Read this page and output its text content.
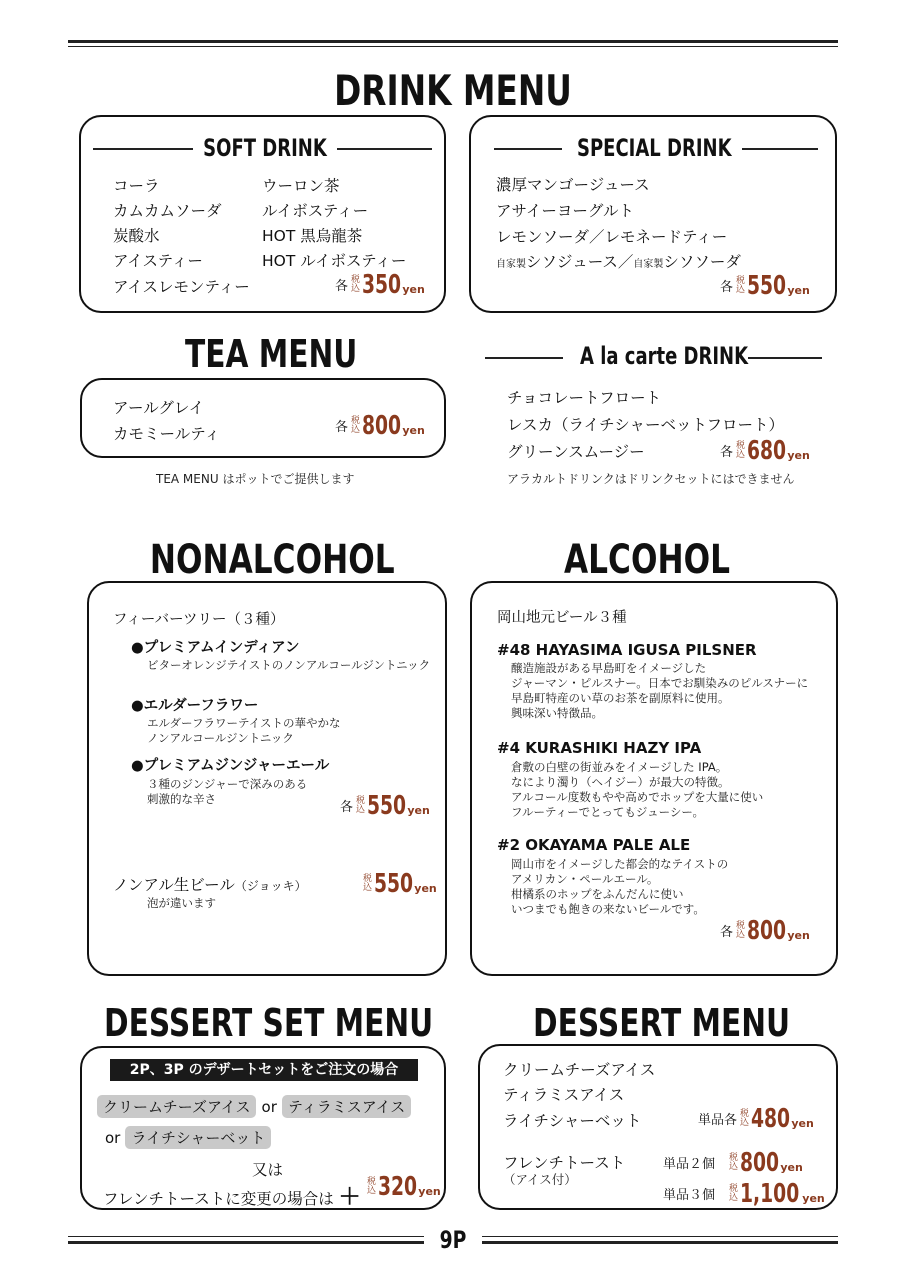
DRINK MENU
SOFT DRINK
コーラ
カムカムソーダ
炭酸水
アイスティー
アイスレモンティー
ウーロン茶
ルイボスティー
HOT 黒烏龍茶
HOT ルイボスティー
各 税
込 350 yen
SPECIAL DRINK
濃厚マンゴージュース
アサイーヨーグルト
レモンソーダ／レモネードティー
自家製シソジュース／自家製シソソーダ
各 税
込 550 yen
TEA MENU
アールグレイ
カモミールティ	各 税
込 800 yen
TEA MENU はポットでご提供します
A la carte DRINK
チョコレートフロート
レスカ（ライチシャーベットフロート）
グリーンスムージー	各 税
込 680 yen
アラカルトドリンクはドリンクセットにはできません
NONALCOHOL
フィーバーツリー（３種）
●プレミアムインディアン
ビターオレンジテイストのノンアルコールジントニック
●エルダーフラワー
エルダーフラワーテイストの華やかな
ノンアルコールジントニック
●プレミアムジンジャーエール
３種のジンジャーで深みのある
刺激的な辛さ
各 税
込 550 yen
ノンアル生ビール（ジョッキ）
泡が違います
税
込 550 yen
ALCOHOL
岡山地元ビール３種
#48 HAYASIMA IGUSA PILSNER
醸造施設がある早島町をイメージした
ジャーマン・ピルスナー。日本でお馴染みのピルスナーに
早島町特産のい草のお茶を副原料に使用。
興味深い特徴品。
#4 KURASHIKI HAZY IPA
倉敷の白壁の街並みをイメージした IPA。
なにより濁り（ヘイジー）が最大の特徴。
アルコール度数もやや高めでホップを大量に使い
フルーティーでとってもジューシー。
#2 OKAYAMA PALE ALE
岡山市をイメージした都会的なテイストの
アメリカン・ペールエール。
柑橘系のホップをふんだんに使い
いつまでも飽きの来ないビールです。
各 税
込 800 yen
DESSERT SET MENU
2P、3P のデザートセットをご注文の場合
クリームチーズアイス or ティラミスアイス
or ライチシャーベット
又は
フレンチトーストに変更の場合は ＋
税
込 320 yen
DESSERT MENU
クリームチーズアイス
ティラミスアイス
ライチシャーベット	単品各 税
込 480 yen
フレンチトースト
（アイス付）
単品２個 税
込 800 yen
単品３個 税
込 1,100 yen
9P
